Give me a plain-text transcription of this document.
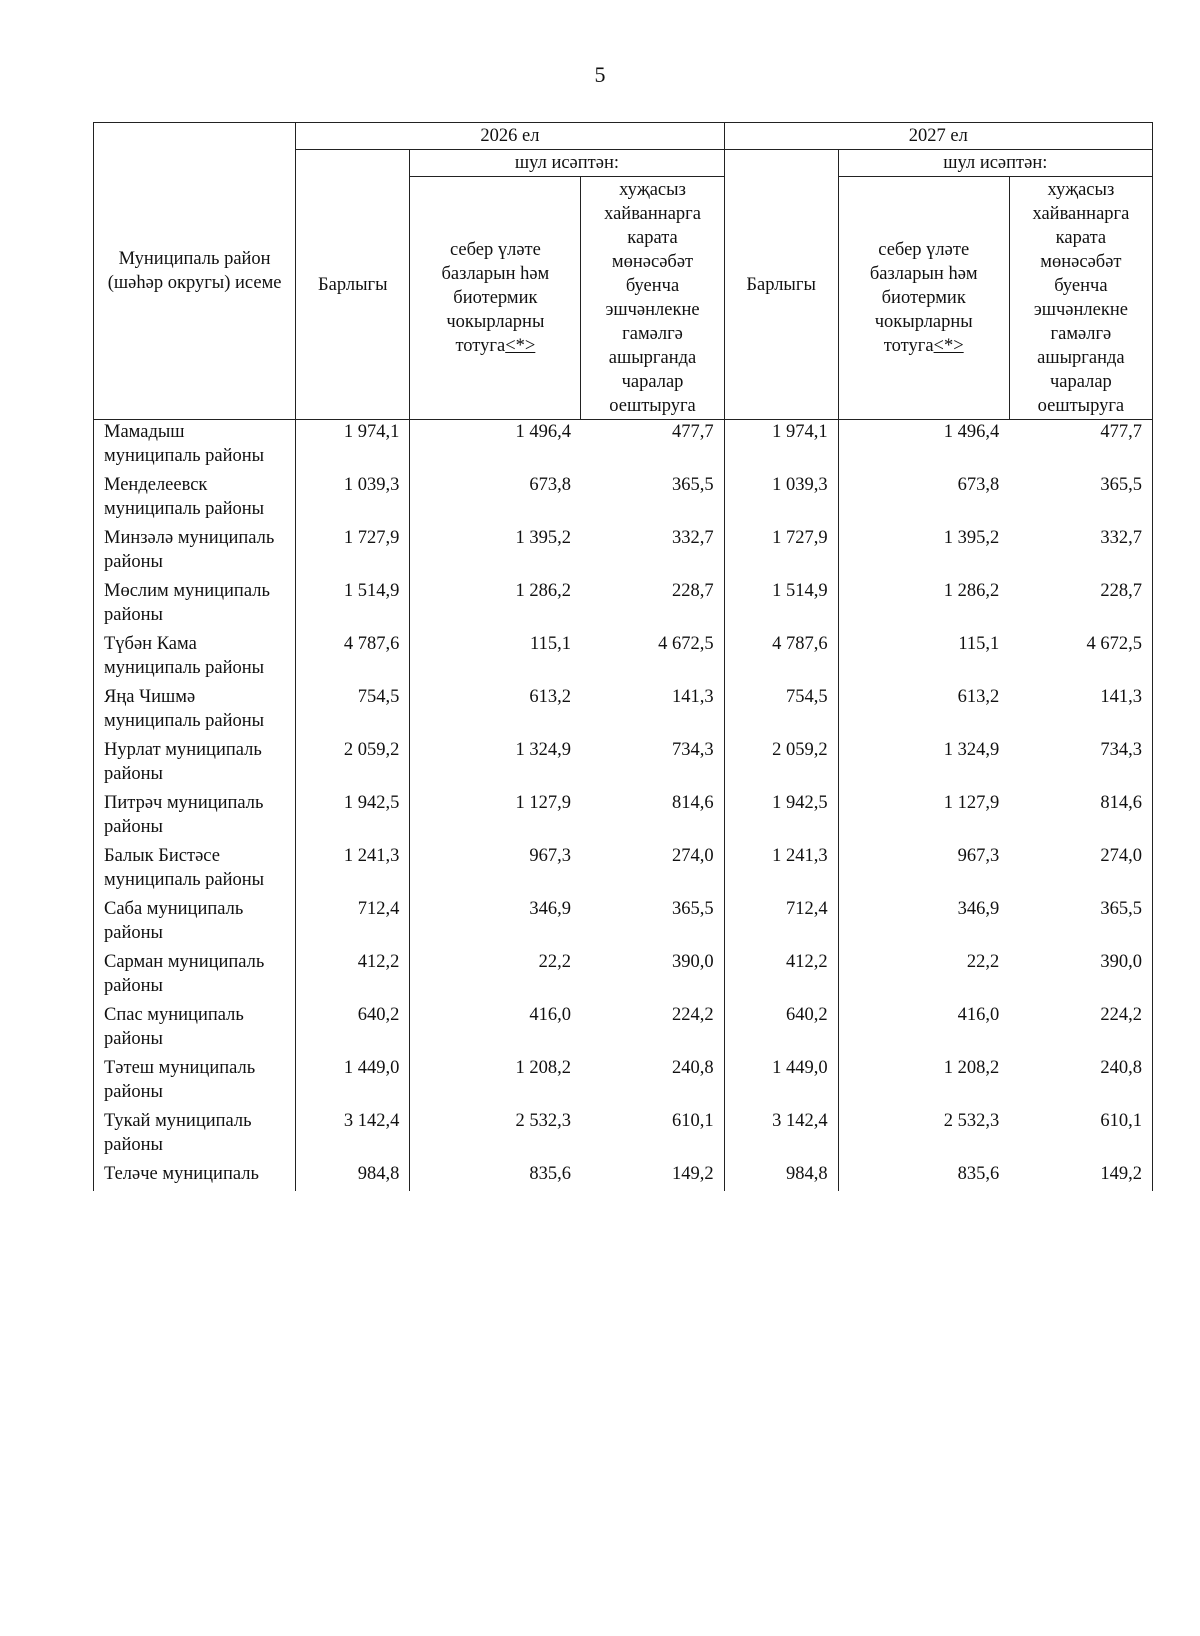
5
Муниципаль район (шәһәр округы) исеме	2026 ел			2027 ел		
	Барлыгы	шул исәптән:		Барлыгы	шул исәптән:	
		себер үләте базларын һәм биотермик чокырларны тотуга<*>	хуҗасыз хайваннарга карата мөнәсәбәт буенча эшчәнлекне гамәлгә ашырганда чаралар оештыруга		себер үләте базларын һәм биотермик чокырларны тотуга<*>	хуҗасыз хайваннарга карата мөнәсәбәт буенча эшчәнлекне гамәлгә ашырганда чаралар оештыруга
Мамадыш муниципаль районы	1 974,1	1 496,4	477,7	1 974,1	1 496,4	477,7
Менделеевск муниципаль районы	1 039,3	673,8	365,5	1 039,3	673,8	365,5
Минзәлә муниципаль районы	1 727,9	1 395,2	332,7	1 727,9	1 395,2	332,7
Мөслим муниципаль районы	1 514,9	1 286,2	228,7	1 514,9	1 286,2	228,7
Түбән Кама муниципаль районы	4 787,6	115,1	4 672,5	4 787,6	115,1	4 672,5
Яңа Чишмә муниципаль районы	754,5	613,2	141,3	754,5	613,2	141,3
Нурлат муниципаль районы	2 059,2	1 324,9	734,3	2 059,2	1 324,9	734,3
Питрәч муниципаль районы	1 942,5	1 127,9	814,6	1 942,5	1 127,9	814,6
Балык Бистәсе муниципаль районы	1 241,3	967,3	274,0	1 241,3	967,3	274,0
Саба муниципаль районы	712,4	346,9	365,5	712,4	346,9	365,5
Сарман муниципаль районы	412,2	22,2	390,0	412,2	22,2	390,0
Спас муниципаль районы	640,2	416,0	224,2	640,2	416,0	224,2
Тәтеш муниципаль районы	1 449,0	1 208,2	240,8	1 449,0	1 208,2	240,8
Тукай муниципаль районы	3 142,4	2 532,3	610,1	3 142,4	2 532,3	610,1
Теләче муниципаль	984,8	835,6	149,2	984,8	835,6	149,2
